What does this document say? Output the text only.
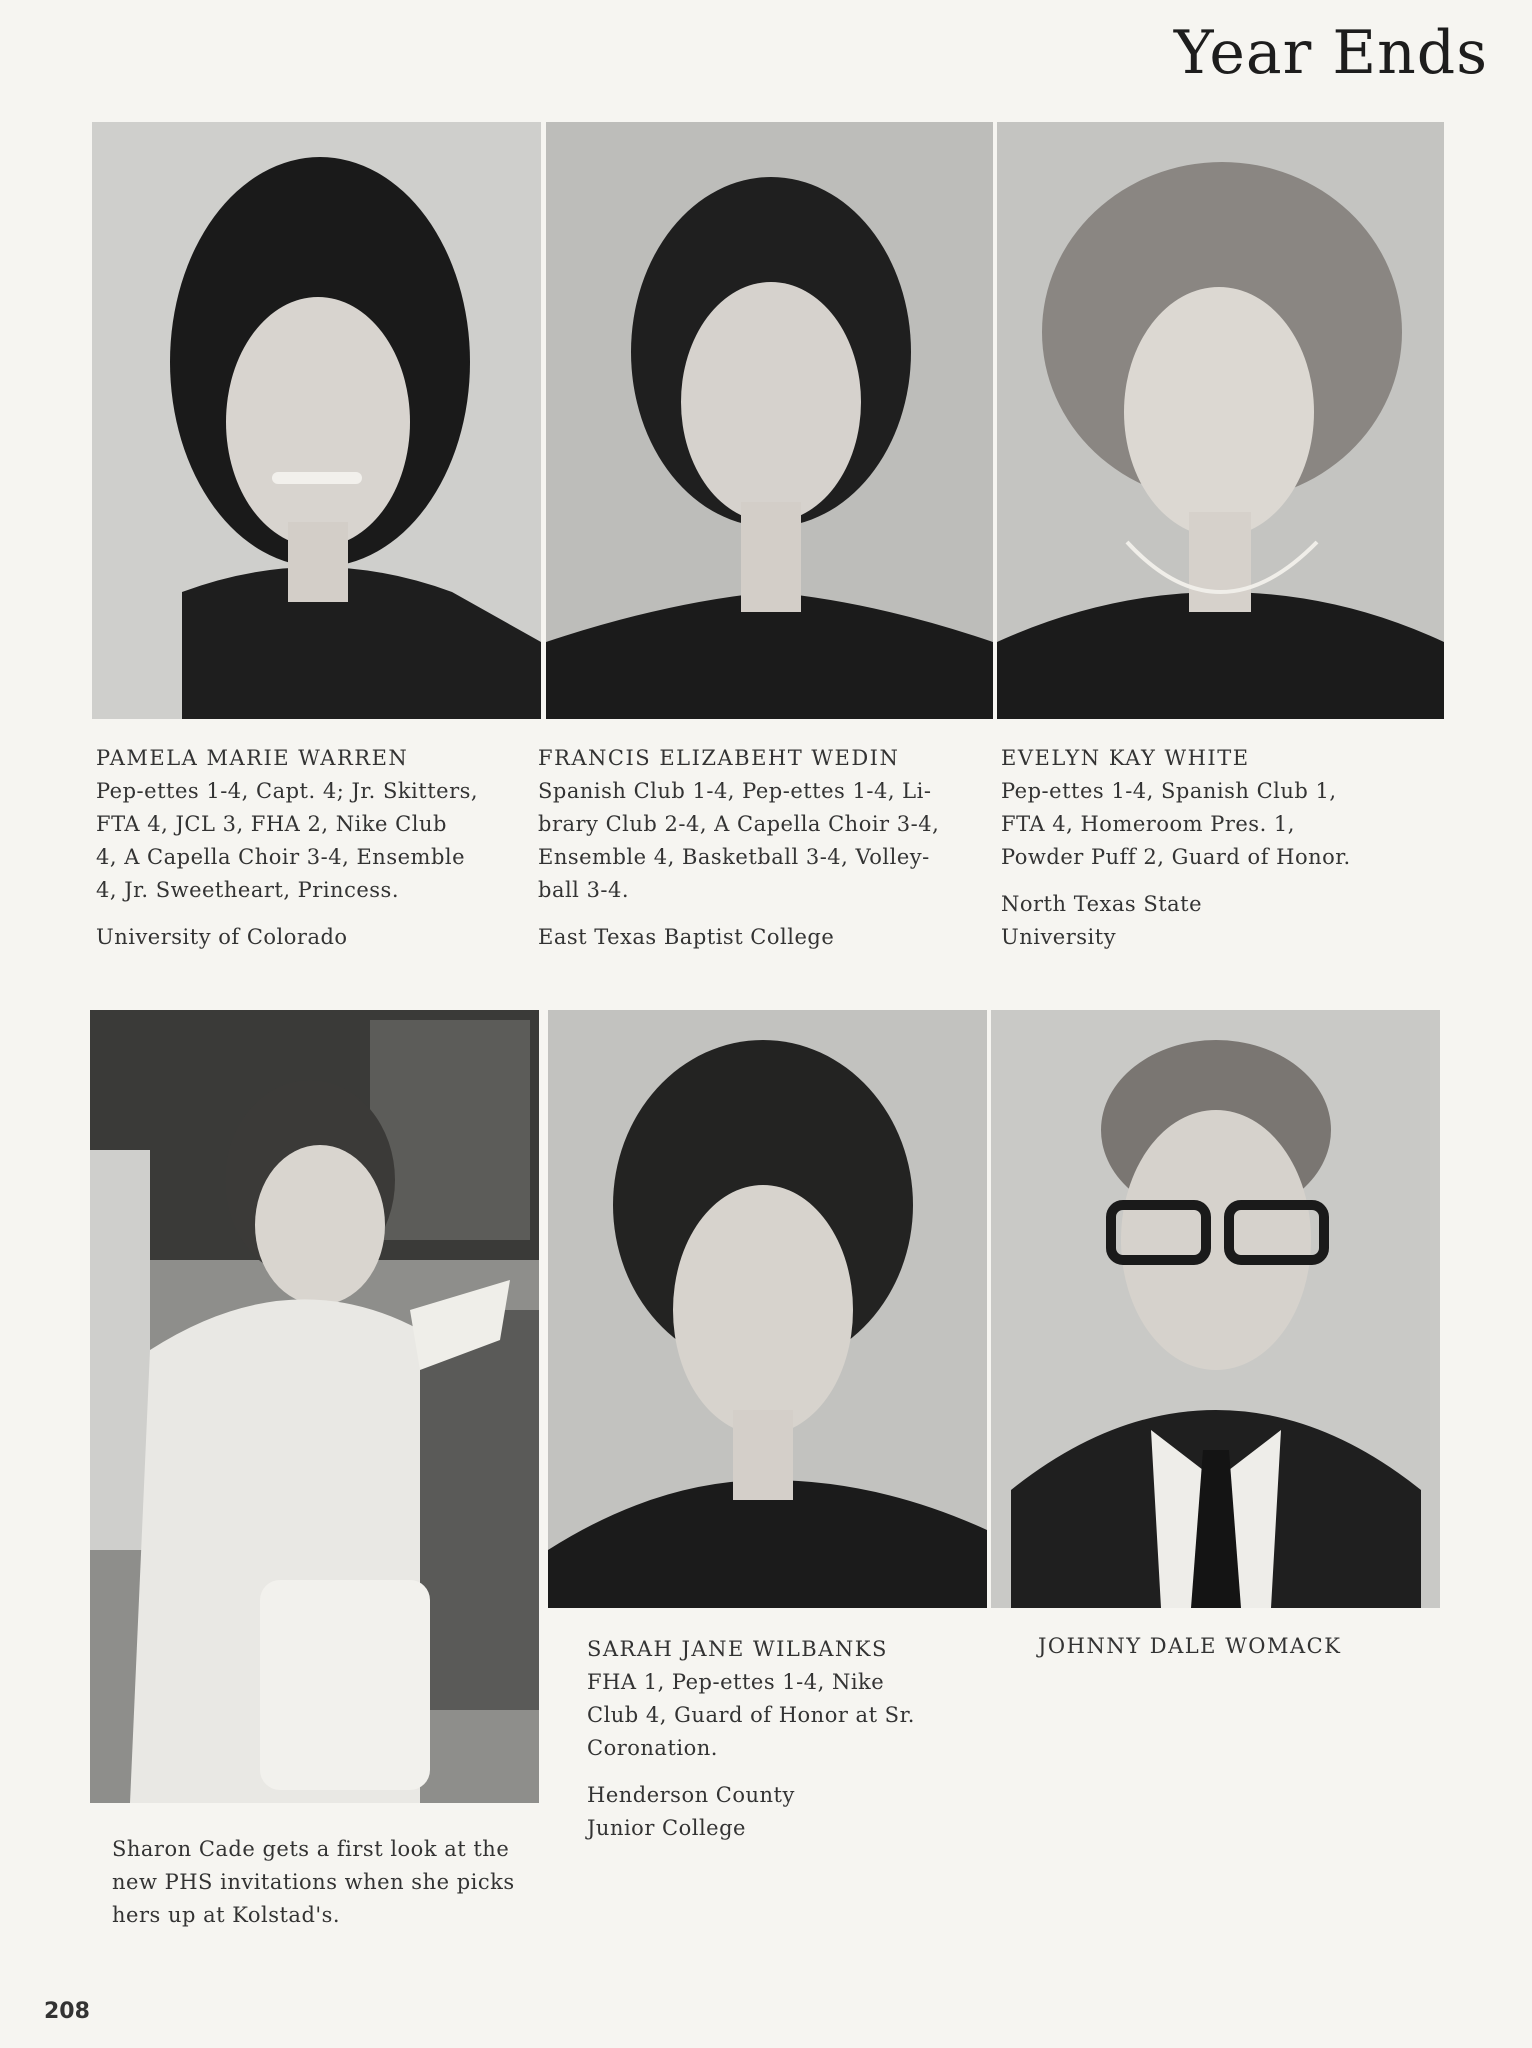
Year Ends
PAMELA MARIE WARREN
Pep-ettes 1-4, Capt. 4; Jr. Skitters,
FTA 4, JCL 3, FHA 2, Nike Club
4, A Capella Choir 3-4, Ensemble
4, Jr. Sweetheart, Princess.
University of Colorado
FRANCIS ELIZABEHT WEDIN
Spanish Club 1-4, Pep-ettes 1-4, Li-
brary Club 2-4, A Capella Choir 3-4,
Ensemble 4, Basketball 3-4, Volley-
ball 3-4.
East Texas Baptist College
EVELYN KAY WHITE
Pep-ettes 1-4, Spanish Club 1,
FTA 4, Homeroom Pres. 1,
Powder Puff 2, Guard of Honor.
North Texas State
University
SARAH JANE WILBANKS
FHA 1, Pep-ettes 1-4, Nike
Club 4, Guard of Honor at Sr.
Coronation.
Henderson County
Junior College
JOHNNY DALE WOMACK
Sharon Cade gets a first look at the
new PHS invitations when she picks
hers up at Kolstad's.
208
